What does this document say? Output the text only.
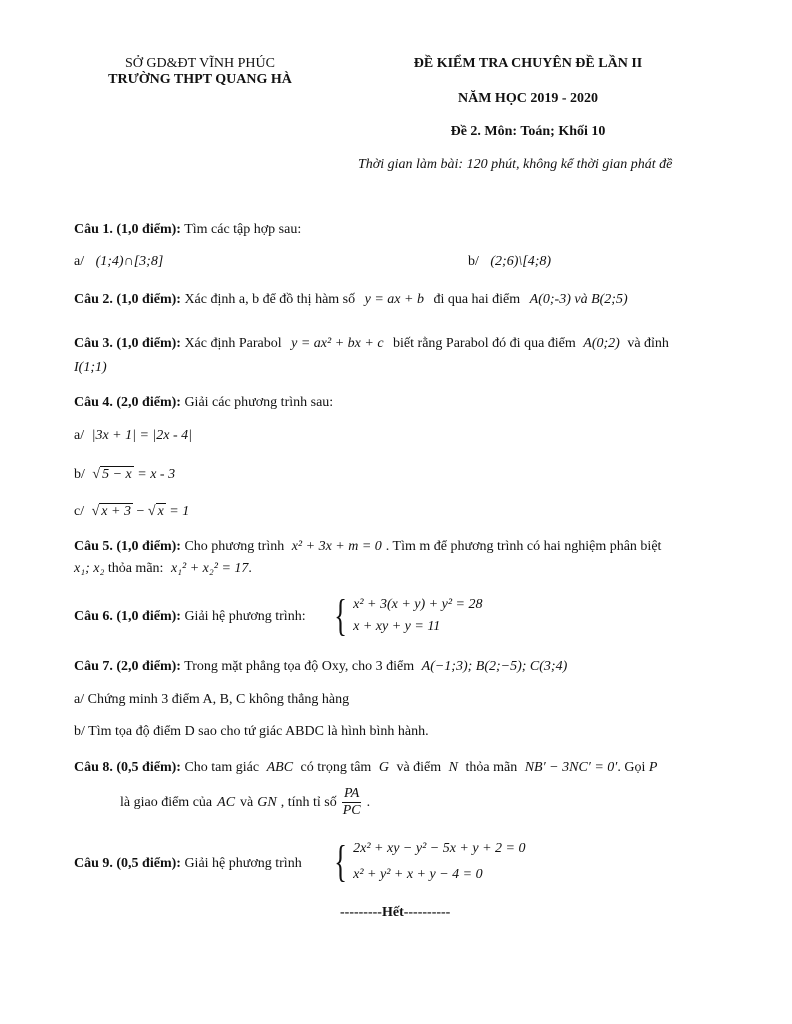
SỞ GD&ĐT VĨNH PHÚC
TRƯỜNG THPT QUANG HÀ
ĐỀ KIỂM TRA CHUYÊN ĐỀ LẦN II
NĂM HỌC 2019 - 2020
Đề 2. Môn: Toán; Khối 10
Thời gian làm bài: 120 phút, không kể thời gian phát đề
Câu 1. (1,0 điểm): Tìm các tập hợp sau:
a/ (1;4)∩[3;8]	b/ (2;6)\[4;8)
Câu 2. (1,0 điểm): Xác định a, b để đồ thị hàm số y = ax + b đi qua hai điểm A(0;-3) và B(2;5)
Câu 3. (1,0 điểm): Xác định Parabol y = ax² + bx + c biết rằng Parabol đó đi qua điểm A(0;2) và đỉnh
I(1;1)
Câu 4. (2,0 điểm): Giải các phương trình sau:
a/ |3x + 1| = |2x - 4|
b/ √ 5 − x = x - 3
c/ √ x + 3 − √ x = 1
Câu 5. (1,0 điểm): Cho phương trình x² + 3x + m = 0 . Tìm m để phương trình có hai nghiệm phân biệt
x₁; x₂ thỏa mãn: x₁² + x₂² = 17.
Câu 6. (1,0 điểm): Giải hệ phương trình: { x² + 3(x + y) + y² = 28
x + xy + y = 11
Câu 7. (2,0 điểm): Trong mặt phẳng tọa độ Oxy, cho 3 điểm A(−1;3); B(2;−5); C(3;4)
a/ Chứng minh 3 điểm A, B, C không thẳng hàng
b/ Tìm tọa độ điểm D sao cho tứ giác ABDC là hình bình hành.
Câu 8. (0,5 điểm): Cho tam giác ABC có trọng tâm G và điểm N thỏa mãn NB′ − 3NC′ = 0′. Gọi P
là giao điểm của AC và GN , tính tỉ số $\frac{PA}{PC}$ .
Câu 9. (0,5 điểm): Giải hệ phương trình { 2x² + xy − y² − 5x + y + 2 = 0
x² + y² + x + y − 4 = 0
---------Hết----------
